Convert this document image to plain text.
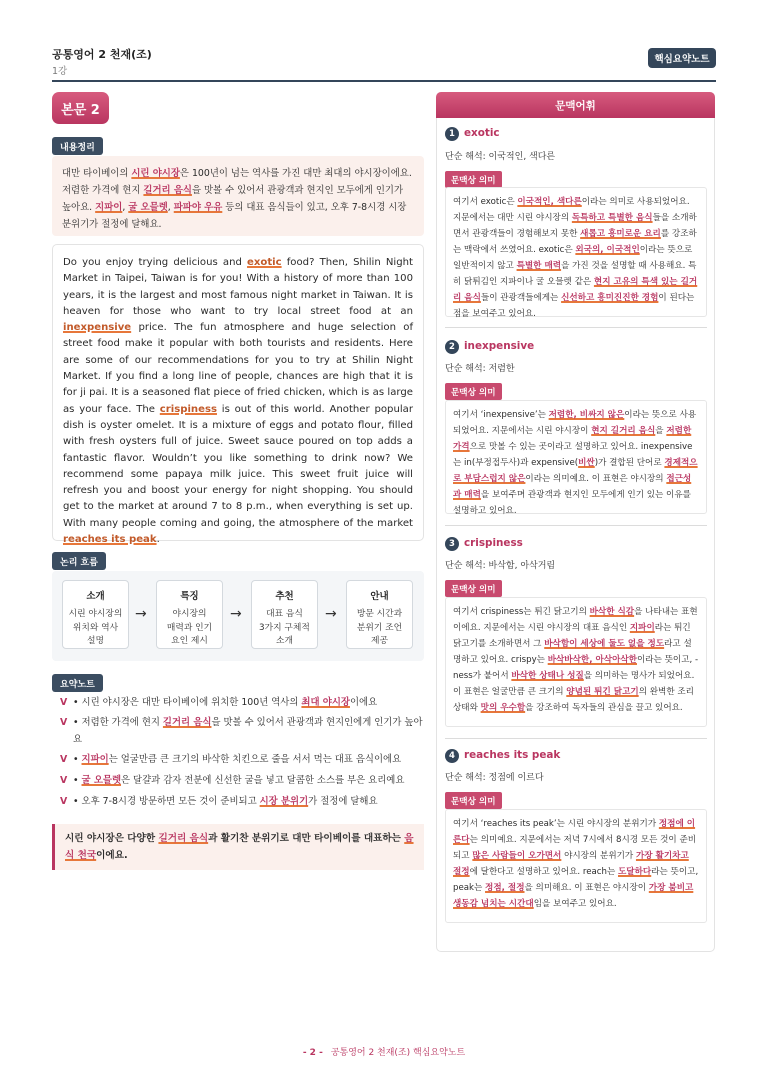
공통영어 2 천재(조)
1강
핵심요약노트
본문 2
내용정리
대만 타이베이의 시린 야시장은 100년이 넘는 역사를 가진 대만 최대의 야시장이에요. 저렴한 가격에 현지 길거리 음식을 맛볼 수 있어서 관광객과 현지인 모두에게 인기가 높아요. 지파이, 굴 오믈렛, 파파야 우유 등의 대표 음식들이 있고, 오후 7-8시경 시장 분위기가 절정에 달해요.
Do you enjoy trying delicious and exotic food? Then, Shilin Night Market in Taipei, Taiwan is for you! With a history of more than 100 years, it is the largest and most famous night market in Taiwan. It is heaven for those who want to try local street food at an inexpensive price. The fun atmosphere and huge selection of street food make it popular with both tourists and residents. Here are some of our recommendations for you to try at Shilin Night Market. If you find a long line of people, chances are high that it is for ji pai. It is a seasoned flat piece of fried chicken, which is as large as your face. The crispiness is out of this world. Another popular dish is oyster omelet. It is a mixture of eggs and potato flour, filled with fresh oysters full of juice. Sweet sauce poured on top adds a fantastic flavor. Wouldn’t you like something to drink now? We recommend some papaya milk juice. This sweet fruit juice will refresh you and boost your energy for night shopping. You should get to the market at around 7 to 8 p.m., when everything is set up. With many people coming and going, the atmosphere of the market reaches its peak.
논리 흐름
소개
시린 야시장의
위치와 역사
설명
→
특징
야시장의
매력과 인기
요인 제시
→
추천
대표 음식
3가지 구체적
소개
→
안내
방문 시간과
분위기 조언
제공
요약노트
V • 시린 야시장은 대만 타이베이에 위치한 100년 역사의 최대 야시장이에요
V • 저렴한 가격에 현지 길거리 음식을 맛볼 수 있어서 관광객과 현지인에게 인기가 높아요
V • 지파이는 얼굴만큼 큰 크기의 바삭한 치킨으로 줄을 서서 먹는 대표 음식이에요
V • 굴 오믈렛은 달걀과 감자 전분에 신선한 굴을 넣고 달콤한 소스를 부은 요리예요
V • 오후 7-8시경 방문하면 모든 것이 준비되고 시장 분위기가 절정에 달해요
시린 야시장은 다양한 길거리 음식과 활기찬 분위기로 대만 타이베이를 대표하는 음식 천국이에요.
문맥어휘
1 exotic
단순 해석: 이국적인, 색다른
문맥상 의미
여기서 exotic은 이국적인, 색다른이라는 의미로 사용되었어요. 지문에서는 대만 시린 야시장의 독특하고 특별한 음식들을 소개하면서 관광객들이 경험해보지 못한 새롭고 흥미로운 요리를 강조하는 맥락에서 쓰였어요. exotic은 외국의, 이국적인이라는 뜻으로 일반적이지 않고 특별한 매력을 가진 것을 설명할 때 사용해요. 특히 닭튀김인 지파이나 굴 오믈렛 같은 현지 고유의 특색 있는 길거리 음식들이 관광객들에게는 신선하고 흥미진진한 경험이 된다는 점을 보여주고 있어요.
2 inexpensive
단순 해석: 저렴한
문맥상 의미
여기서 ‘inexpensive’는 저렴한, 비싸지 않은이라는 뜻으로 사용되었어요. 지문에서는 시린 야시장이 현지 길거리 음식을 저렴한 가격으로 맛볼 수 있는 곳이라고 설명하고 있어요. inexpensive는 in(부정접두사)과 expensive(비싼)가 결합된 단어로 경제적으로 부담스럽지 않은이라는 의미예요. 이 표현은 야시장의 접근성과 매력을 보여주며 관광객과 현지인 모두에게 인기 있는 이유를 설명하고 있어요.
3 crispiness
단순 해석: 바삭함, 아삭거림
문맥상 의미
여기서 crispiness는 튀긴 닭고기의 바삭한 식감을 나타내는 표현이에요. 지문에서는 시린 야시장의 대표 음식인 지파이라는 튀긴 닭고기를 소개하면서 그 바삭함이 세상에 둘도 없을 정도라고 설명하고 있어요. crispy는 바삭바삭한, 아삭아삭한이라는 뜻이고, -ness가 붙어서 바삭한 상태나 성질을 의미하는 명사가 되었어요. 이 표현은 얼굴만큼 큰 크기의 양념된 튀긴 닭고기의 완벽한 조리 상태와 맛의 우수함을 강조하여 독자들의 관심을 끌고 있어요.
4 reaches its peak
단순 해석: 정점에 이르다
문맥상 의미
여기서 ‘reaches its peak’는 시린 야시장의 분위기가 정점에 이른다는 의미예요. 지문에서는 저녁 7시에서 8시경 모든 것이 준비되고 많은 사람들이 오가면서 야시장의 분위기가 가장 활기차고 절정에 달한다고 설명하고 있어요. reach는 도달하다라는 뜻이고, peak는 정점, 절정을 의미해요. 이 표현은 야시장이 가장 붐비고 생동감 넘치는 시간대임을 보여주고 있어요.
- 2 - 공통영어 2 천재(조) 핵심요약노트
